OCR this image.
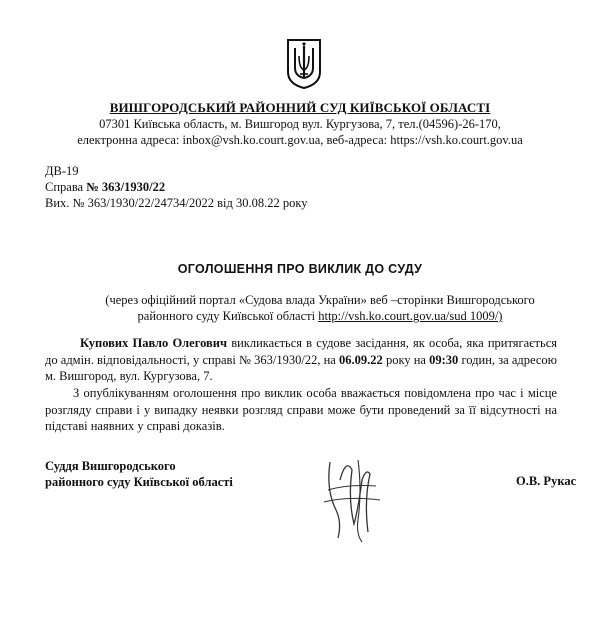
ВИШГОРОДСЬКИЙ РАЙОННИЙ СУД КИЇВСЬКОЇ ОБЛАСТІ
07301 Київська область, м. Вишгород вул. Кургузова, 7, тел.(04596)-26-170,
електронна адреса: inbox@vsh.ko.court.gov.ua, веб-адреса: https://vsh.ko.court.gov.ua
ДВ-19
Справа № 363/1930/22
Вих. № 363/1930/22/24734/2022 від 30.08.22 року
ОГОЛОШЕННЯ ПРО ВИКЛИК ДО СУДУ
(через офіційний портал «Судова влада України» веб –сторінки Вишгородського районного суду Київської області http://vsh.ko.court.gov.ua/sud 1009/)
Куповиx Павло Олегович викликається в судове засідання, як особа, яка притягається до адмін. відповідальності, у справі № 363/1930/22, на 06.09.22 року на 09:30 годин, за адресою м. Вишгород, вул. Кургузова, 7.
З опублікуванням оголошення про виклик особа вважається повідомлена про час і місце розгляду справи і у випадку неявки розгляд справи може бути проведений за її відсутності на підставі наявних у справі доказів.
Суддя Вишгородського
районного суду Київської області	О.В. Рукас
